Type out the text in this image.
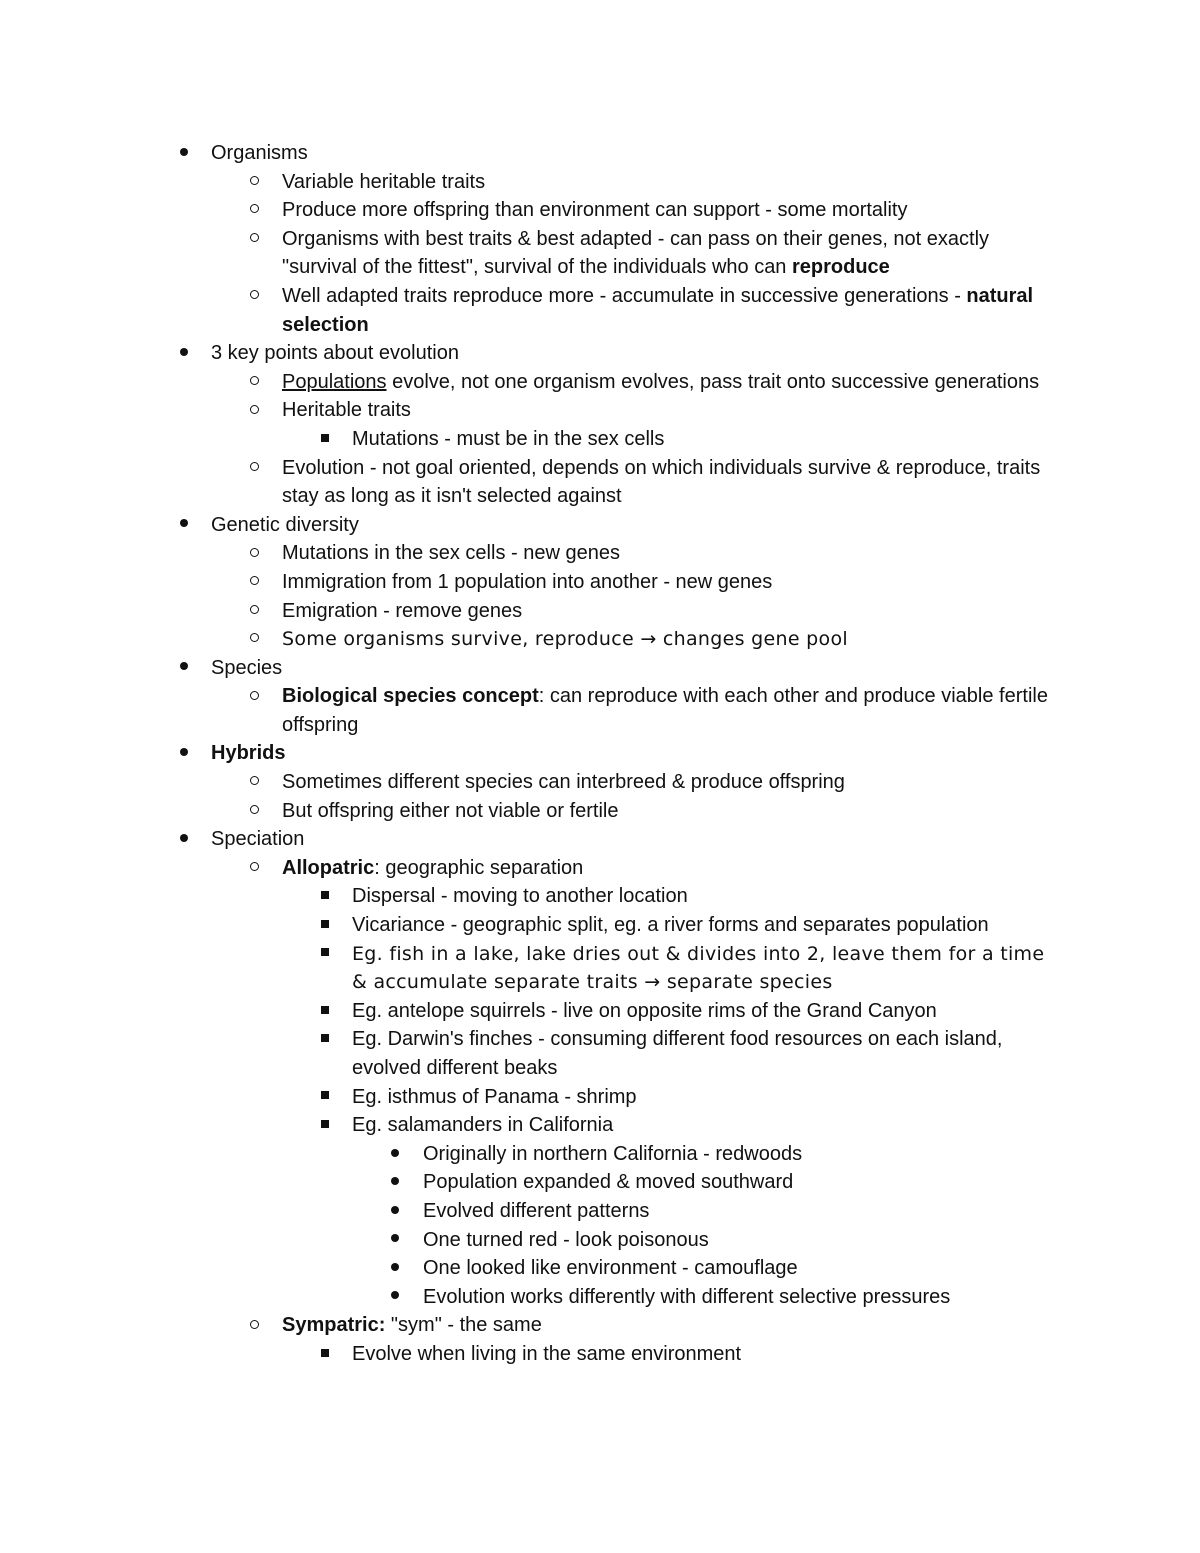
Organisms
Variable heritable traits
Produce more offspring than environment can support - some mortality
Organisms with best traits & best adapted - can pass on their genes, not exactly "survival of the fittest", survival of the individuals who can reproduce
Well adapted traits reproduce more - accumulate in successive generations - natural selection
3 key points about evolution
Populations evolve, not one organism evolves, pass trait onto successive generations
Heritable traits
Mutations - must be in the sex cells
Evolution - not goal oriented, depends on which individuals survive & reproduce, traits stay as long as it isn't selected against
Genetic diversity
Mutations in the sex cells - new genes
Immigration from 1 population into another - new genes
Emigration - remove genes
Some organisms survive, reproduce → changes gene pool
Species
Biological species concept: can reproduce with each other and produce viable fertile offspring
Hybrids
Sometimes different species can interbreed & produce offspring
But offspring either not viable or fertile
Speciation
Allopatric: geographic separation
Dispersal - moving to another location
Vicariance - geographic split, eg. a river forms and separates population
Eg. fish in a lake, lake dries out & divides into 2, leave them for a time & accumulate separate traits → separate species
Eg. antelope squirrels - live on opposite rims of the Grand Canyon
Eg. Darwin's finches - consuming different food resources on each island, evolved different beaks
Eg. isthmus of Panama - shrimp
Eg. salamanders in California
Originally in northern California - redwoods
Population expanded & moved southward
Evolved different patterns
One turned red - look poisonous
One looked like environment - camouflage
Evolution works differently with different selective pressures
Sympatric: "sym" - the same
Evolve when living in the same environment
